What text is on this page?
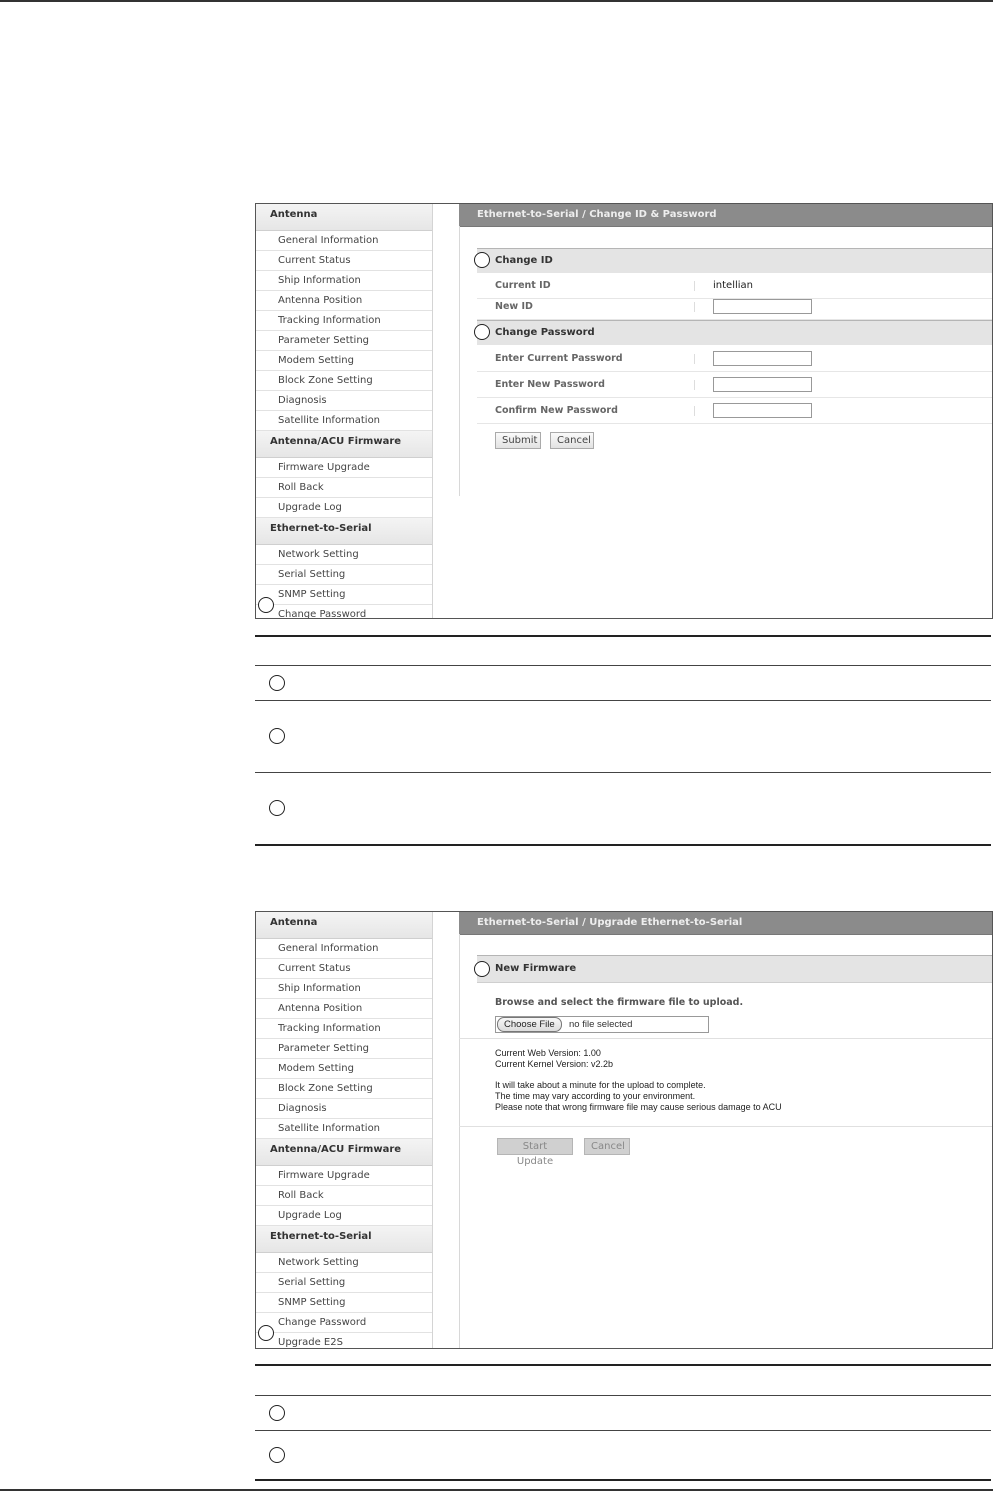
Antenna
General Information
Current Status
Ship Information
Antenna Position
Tracking Information
Parameter Setting
Modem Setting
Block Zone Setting
Diagnosis
Satellite Information
Antenna/ACU Firmware
Firmware Upgrade
Roll Back
Upgrade Log
Ethernet-to-Serial
Network Setting
Serial Setting
SNMP Setting
Change Password
Ethernet-to-Serial / Change ID & Password
Change ID
Current ID	intellian
New ID
Change Password
Enter Current Password
Enter New Password
Confirm New Password
Submit	Cancel
Antenna
General Information
Current Status
Ship Information
Antenna Position
Tracking Information
Parameter Setting
Modem Setting
Block Zone Setting
Diagnosis
Satellite Information
Antenna/ACU Firmware
Firmware Upgrade
Roll Back
Upgrade Log
Ethernet-to-Serial
Network Setting
Serial Setting
SNMP Setting
Change Password
Upgrade E2S
Ethernet-to-Serial / Upgrade Ethernet-to-Serial
New Firmware
Browse and select the firmware file to upload.
Choose File	no file selected
Current Web Version: 1.00
Current Kernel Version: v2.2b
It will take about a minute for the upload to complete.
The time may vary according to your environment.
Please note that wrong firmware file may cause serious damage to ACU
Start Update
Cancel
